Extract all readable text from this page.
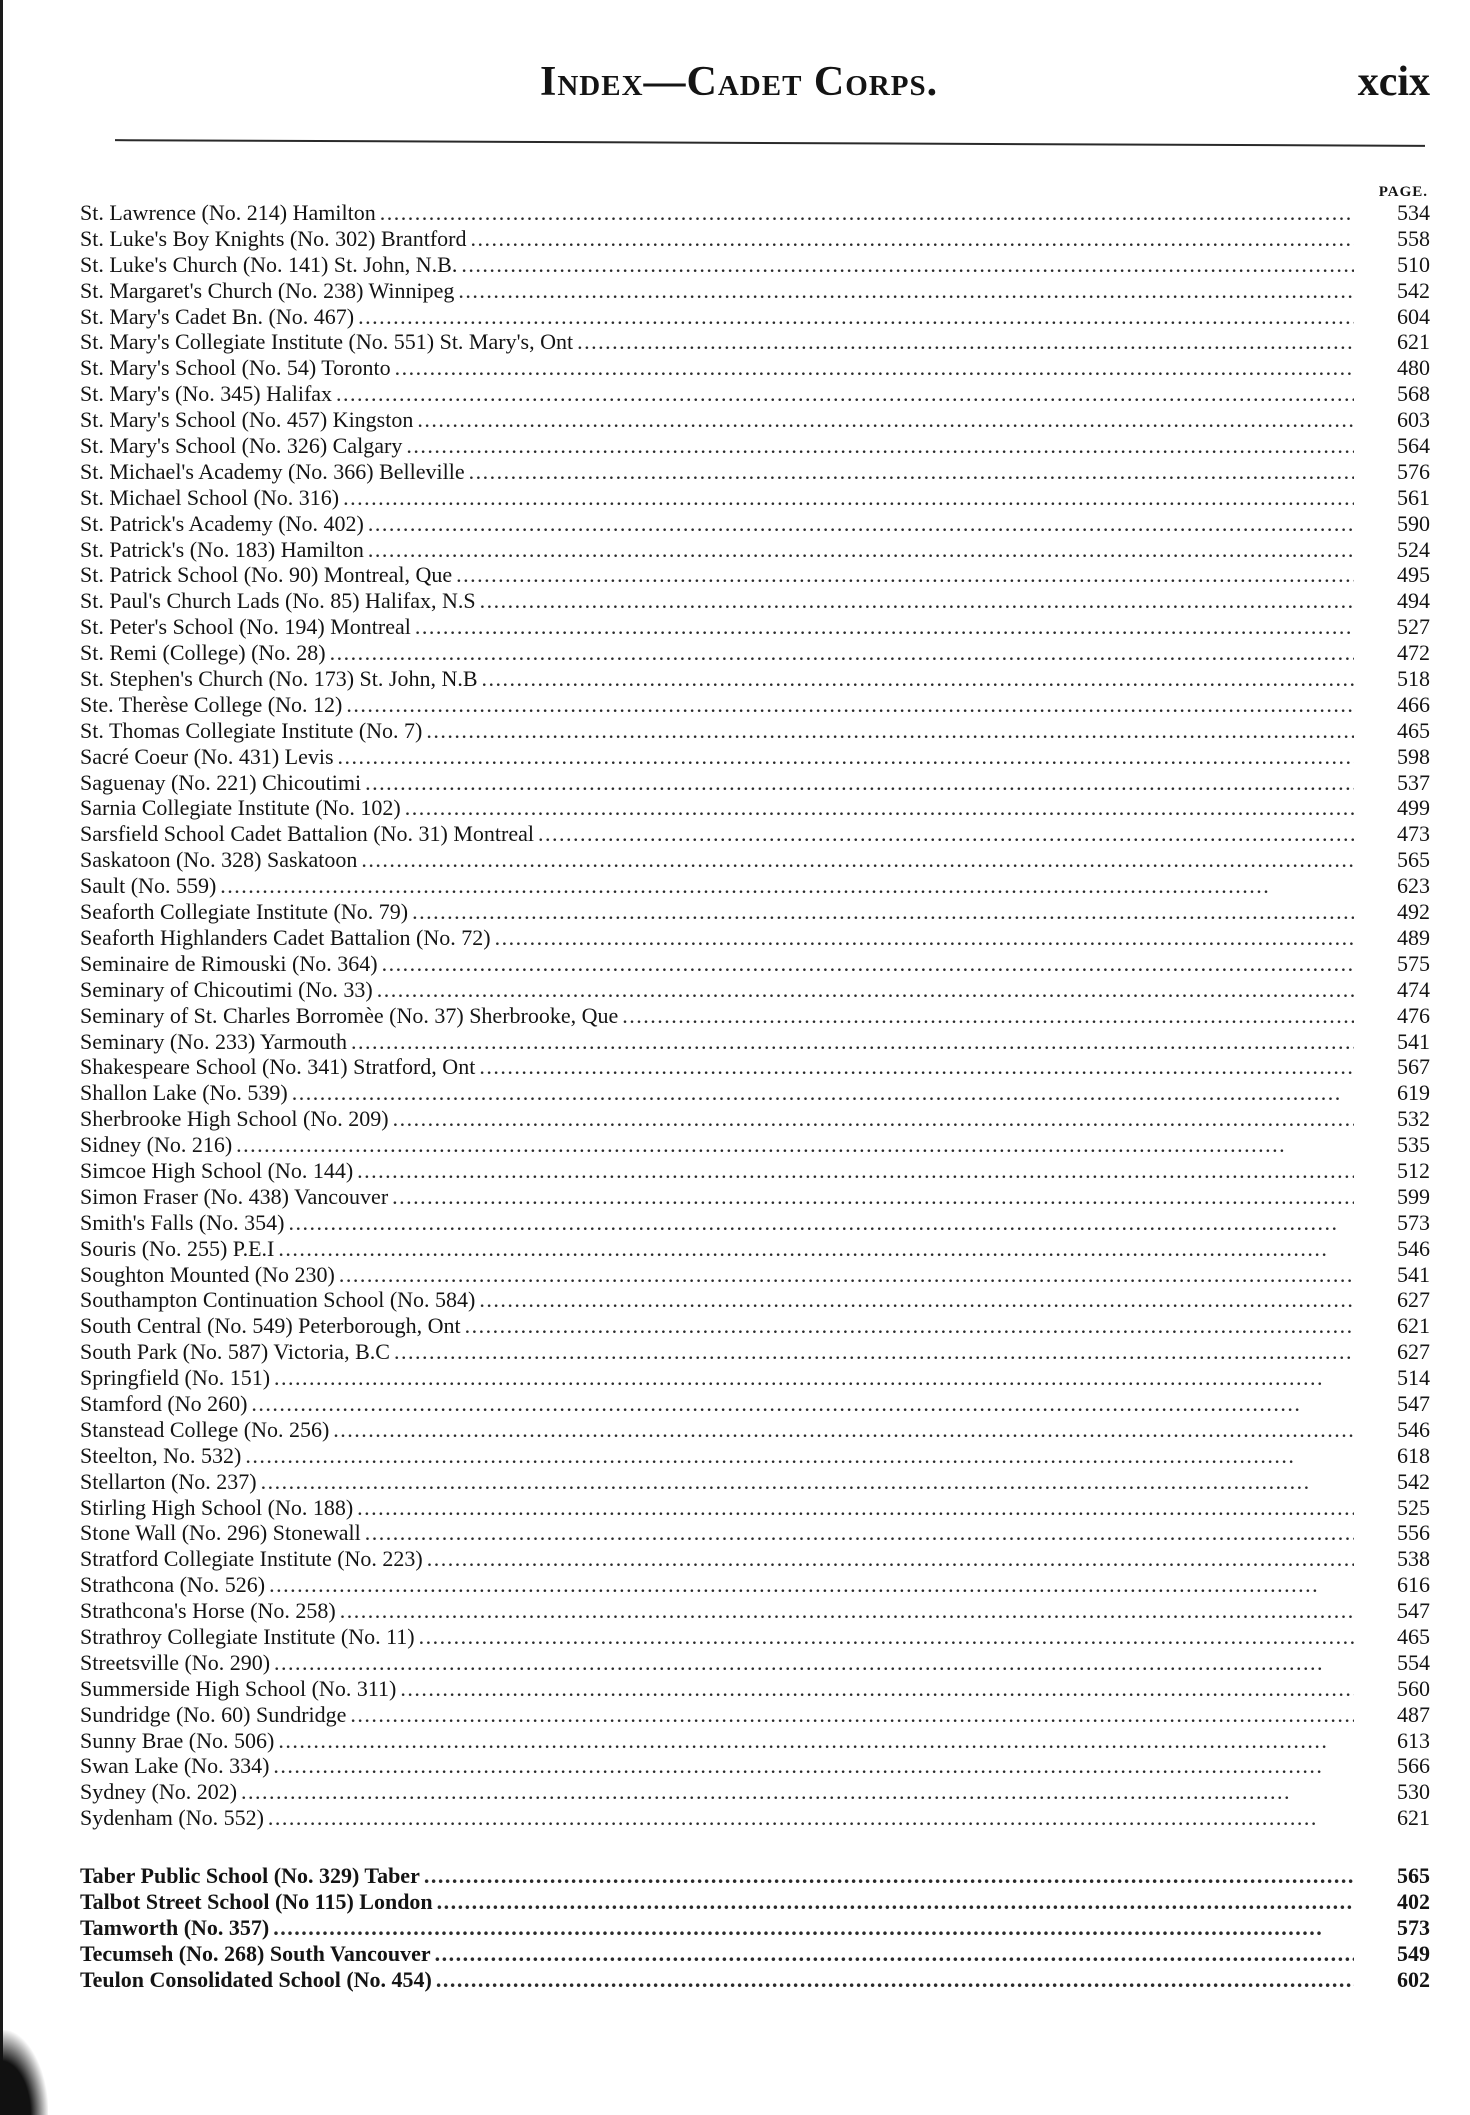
Index—Cadet Corps.	xcix
PAGE.
St. Lawrence (No. 214) Hamilton . . .	534
St. Luke's Boy Knights (No. 302) Brantford . . .	558
St. Luke's Church (No. 141) St. John, N.B. . . .	510
St. Margaret's Church (No. 238) Winnipeg . . .	542
St. Mary's Cadet Bn. (No. 467) . . .	604
St. Mary's Collegiate Institute (No. 551) St. Mary's, Ont . . .	621
St. Mary's School (No. 54) Toronto . . .	480
St. Mary's (No. 345) Halifax . . .	568
St. Mary's School (No. 457) Kingston . . .	603
St. Mary's School (No. 326) Calgary . . .	564
St. Michael's Academy (No. 366) Belleville . . .	576
St. Michael School (No. 316) . . .	561
St. Patrick's Academy (No. 402) . . .	590
St. Patrick's (No. 183) Hamilton . . .	524
St. Patrick School (No. 90) Montreal, Que . . .	495
St. Paul's Church Lads (No. 85) Halifax, N.S . . .	494
St. Peter's School (No. 194) Montreal . . .	527
St. Remi (College) (No. 28) . . .	472
St. Stephen's Church (No. 173) St. John, N.B . . .	518
Ste. Therèse College (No. 12) . . .	466
St. Thomas Collegiate Institute (No. 7) . . .	465
Sacré Coeur (No. 431) Levis . . .	598
Saguenay (No. 221) Chicoutimi . . .	537
Sarnia Collegiate Institute (No. 102) . . .	499
Sarsfield School Cadet Battalion (No. 31) Montreal . . .	473
Saskatoon (No. 328) Saskatoon . . .	565
Sault (No. 559) . . .	623
Seaforth Collegiate Institute (No. 79) . . .	492
Seaforth Highlanders Cadet Battalion (No. 72) . . .	489
Seminaire de Rimouski (No. 364) . . .	575
Seminary of Chicoutimi (No. 33) . . .	474
Seminary of St. Charles Borromèe (No. 37) Sherbrooke, Que . . .	476
Seminary (No. 233) Yarmouth . . .	541
Shakespeare School (No. 341) Stratford, Ont . . .	567
Shallon Lake (No. 539) . . .	619
Sherbrooke High School (No. 209) . . .	532
Sidney (No. 216) . . .	535
Simcoe High School (No. 144) . . .	512
Simon Fraser (No. 438) Vancouver . . .	599
Smith's Falls (No. 354) . . .	573
Souris (No. 255) P.E.I . . .	546
Soughton Mounted (No 230) . . .	541
Southampton Continuation School (No. 584) . . .	627
South Central (No. 549) Peterborough, Ont . . .	621
South Park (No. 587) Victoria, B.C . . .	627
Springfield (No. 151) . . .	514
Stamford (No 260) . . .	547
Stanstead College (No. 256) . . .	546
Steelton, No. 532) . . .	618
Stellarton (No. 237) . . .	542
Stirling High School (No. 188) . . .	525
Stone Wall (No. 296) Stonewall . . .	556
Stratford Collegiate Institute (No. 223) . . .	538
Strathcona (No. 526) . . .	616
Strathcona's Horse (No. 258) . . .	547
Strathroy Collegiate Institute (No. 11) . . .	465
Streetsville (No. 290) . . .	554
Summerside High School (No. 311) . . .	560
Sundridge (No. 60) Sundridge . . .	487
Sunny Brae (No. 506) . . .	613
Swan Lake (No. 334) . . .	566
Sydney (No. 202) . . .	530
Sydenham (No. 552) . . .	621
Taber Public School (No. 329) Taber . . .	565
Talbot Street School (No 115) London . . .	402
Tamworth (No. 357) . . .	573
Tecumseh (No. 268) South Vancouver . . .	549
Teulon Consolidated School (No. 454) . . .	602
